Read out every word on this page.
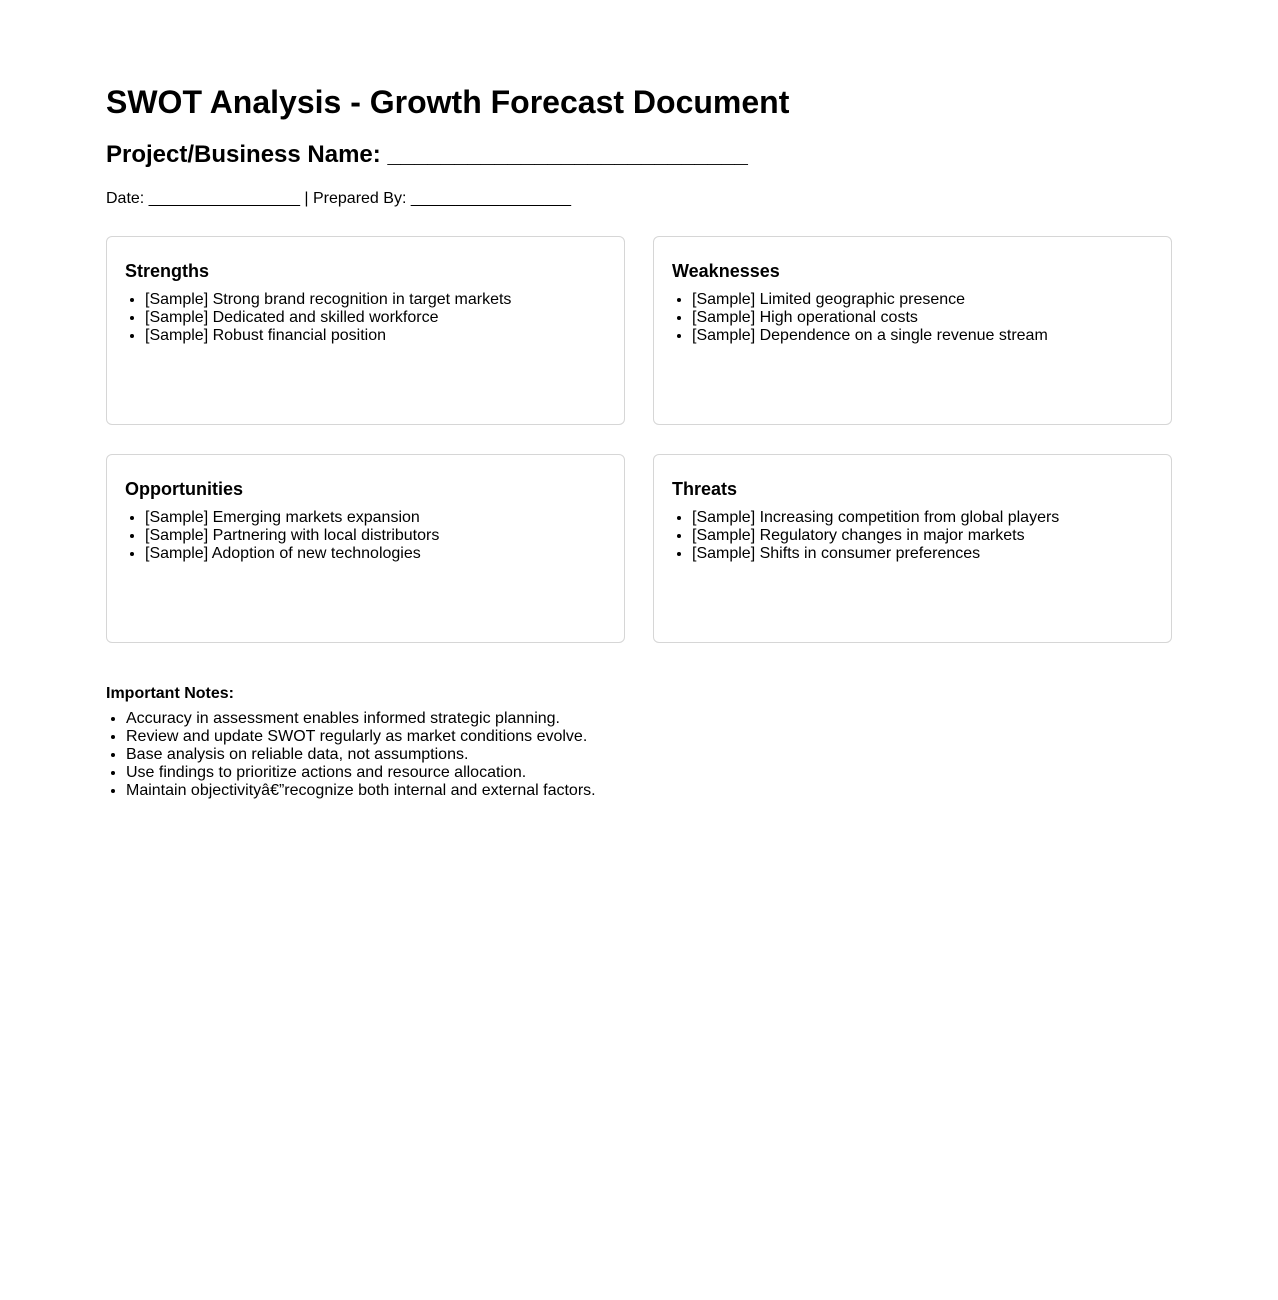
SWOT Analysis - Growth Forecast Document
Project/Business Name: ___________________________
Date: _________________ | Prepared By: __________________
Strengths
• [Sample] Strong brand recognition in target markets
• [Sample] Dedicated and skilled workforce
• [Sample] Robust financial position
Weaknesses
• [Sample] Limited geographic presence
• [Sample] High operational costs
• [Sample] Dependence on a single revenue stream
Opportunities
• [Sample] Emerging markets expansion
• [Sample] Partnering with local distributors
• [Sample] Adoption of new technologies
Threats
• [Sample] Increasing competition from global players
• [Sample] Regulatory changes in major markets
• [Sample] Shifts in consumer preferences
Important Notes:
• Accuracy in assessment enables informed strategic planning.
• Review and update SWOT regularly as market conditions evolve.
• Base analysis on reliable data, not assumptions.
• Use findings to prioritize actions and resource allocation.
• Maintain objectivityâ€”recognize both internal and external factors.
